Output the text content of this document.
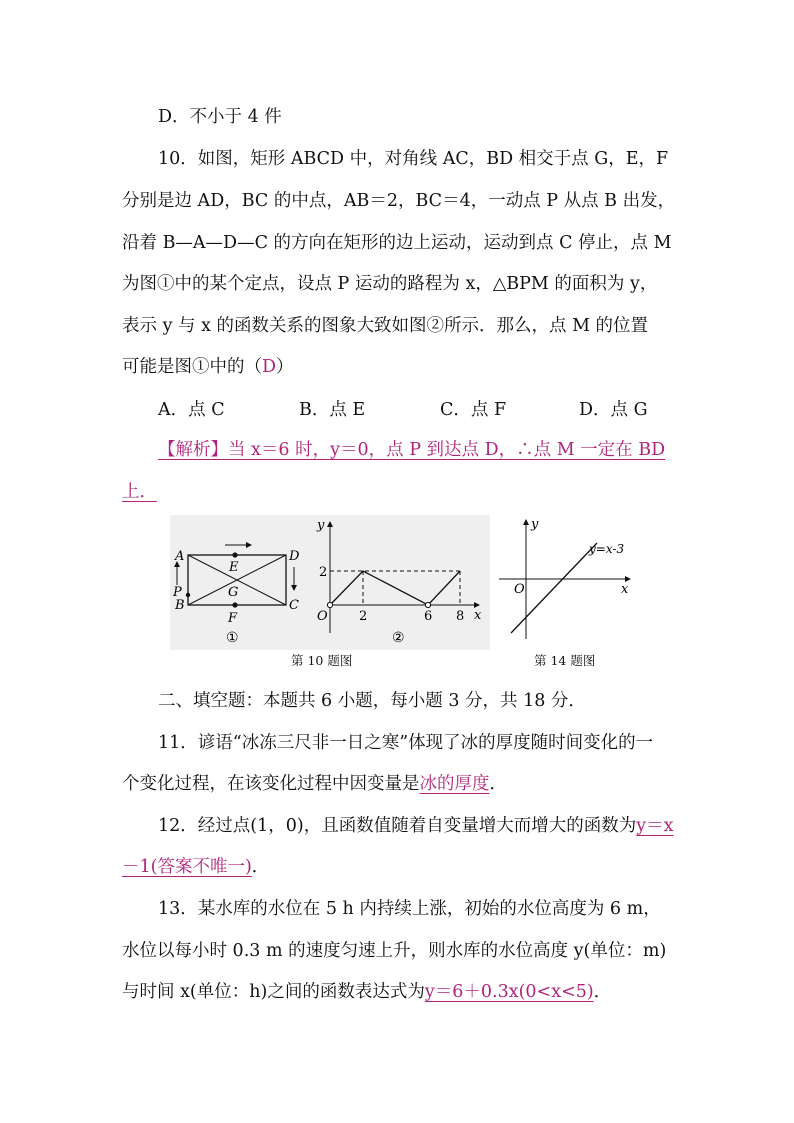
D．不小于 4 件
10．如图，矩形 ABCD 中，对角线 AC，BD 相交于点 G，E，F
分别是边 AD，BC 的中点，AB＝2，BC＝4，一动点 P 从点 B 出发，
沿着 B—A—D—C 的方向在矩形的边上运动，运动到点 C 停止，点 M
为图①中的某个定点，设点 P 运动的路程为 x，△BPM 的面积为 y，
表示 y 与 x 的函数关系的图象大致如图②所示．那么，点 M 的位置
可能是图①中的（D）
A．点 C	B．点 E	C．点 F	D．点 G
【解析】当 x＝6 时，y＝0，点 P 到达点 D，∴点 M 一定在 BD
上．
A
B	C
D
E
F
G
P
①
y
x
O
2
2	6 8
②
第 10 题图
y
x
O
y=x-3
第 14 题图
二、填空题：本题共 6 小题，每小题 3 分，共 18 分．
11．谚语“冰冻三尺非一日之寒”体现了冰的厚度随时间变化的一
个变化过程，在该变化过程中因变量是冰的厚度．
12．经过点(1，0)，且函数值随着自变量增大而增大的函数为y＝x
－1(答案不唯一)．
13．某水库的水位在 5 h 内持续上涨，初始的水位高度为 6 m，
水位以每小时 0.3 m 的速度匀速上升，则水库的水位高度 y(单位：m)
与时间 x(单位：h)之间的函数表达式为y＝6＋0.3x(0<x<5)．
